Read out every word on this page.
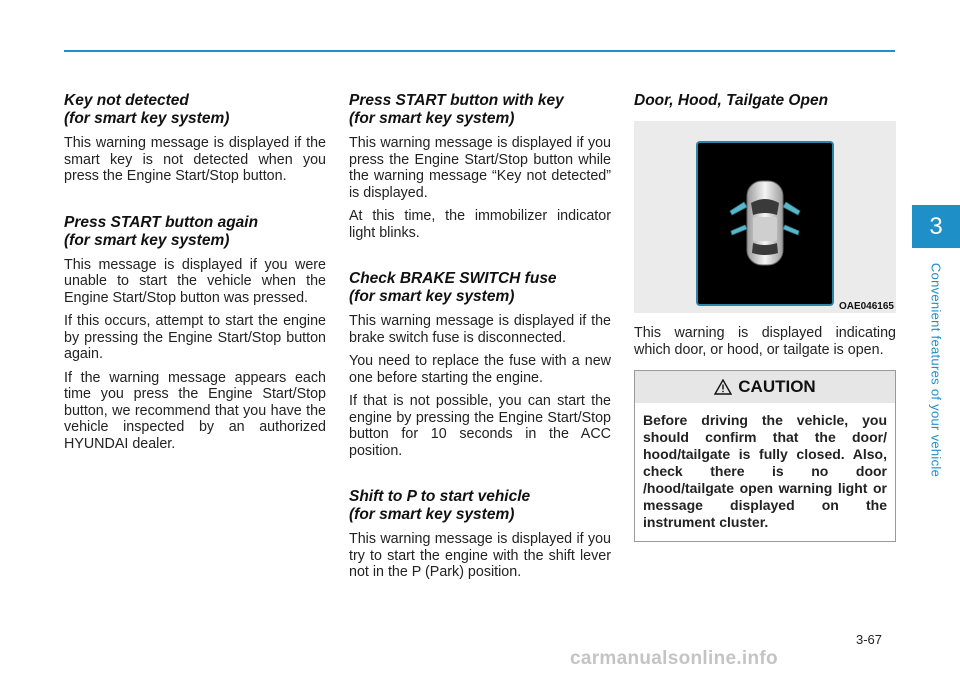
Key not detected
(for smart key system)

This warning message is displayed if the smart key is not detected when you press the Engine Start/Stop button.

Press START button again
(for smart key system)

This message is displayed if you were unable to start the vehicle when the Engine Start/Stop button was pressed.

If this occurs, attempt to start the engine by pressing the Engine Start/Stop button again.

If the warning message appears each time you press the Engine Start/Stop button, we recommend that you have the vehicle inspected by an authorized HYUNDAI dealer.

Press START button with key
(for smart key system)

This warning message is displayed if you press the Engine Start/Stop button while the warning message “Key not detected” is displayed.

At this time, the immobilizer indicator light blinks.

Check BRAKE SWITCH fuse
(for smart key system)

This warning message is displayed if the brake switch fuse is disconnected.

You need to replace the fuse with a new one before starting the engine.

If that is not possible, you can start the engine by pressing the Engine Start/Stop button for 10 seconds in the ACC position.

Shift to P to start vehicle
(for smart key system)

This warning message is displayed if you try to start the engine with the shift lever not in the P (Park) position.

Door, Hood, Tailgate Open
OAE046165

This warning is displayed indicating which door, or hood, or tailgate is open.

CAUTION
Before driving the vehicle, you should confirm that the door/ hood/tailgate is fully closed. Also, check there is no door /hood/tailgate open warning light or message displayed on the instrument cluster.
3
Convenient features of your vehicle
3-67
carmanualsonline.info
